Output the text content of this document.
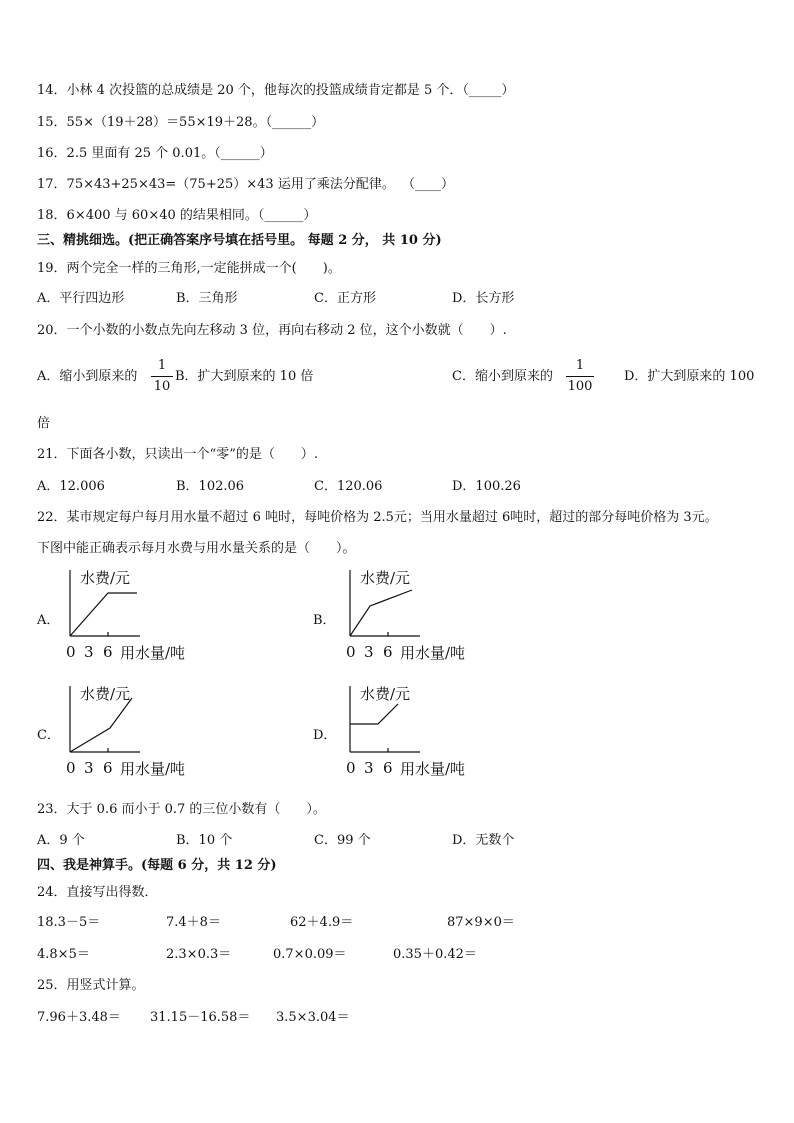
14．小林 4 次投篮的总成绩是 20 个，他每次的投篮成绩肯定都是 5 个．（_____）
15．55×（19＋28）＝55×19＋28。（______）
16．2.5 里面有 25 个 0.01。（______）
17．75×43+25×43=（75+25）×43 运用了乘法分配律。 （____）
18．6×400 与 60×40 的结果相同。（______）
三、精挑细选。(把正确答案序号填在括号里。 每题 2 分， 共 10 分)
19．两个完全一样的三角形,一定能拼成一个(　　)。
A．平行四边形	B．三角形	C．正方形	D．长方形
20．一个小数的小数点先向左移动 3 位，再向右移动 2 位，这个小数就（　　）.
A．缩小到原来的
1
10
B．扩大到原来的 10 倍	C．缩小到原来的
1
100
D．扩大到原来的 100
倍
21．下面各小数，只读出一个“零”的是（　　）.
A．12.006	B．102.06	C．120.06	D．100.26
22．某市规定每户每月用水量不超过 6 吨时，每吨价格为 2.5元；当用水量超过 6吨时，超过的部分每吨价格为 3元。
下图中能正确表示每月水费与用水量关系的是（　　）。
A．	B．
C．	D．
水费/元
0 3 6 用水量/吨
水费/元
0 3 6 用水量/吨
水费/元
0 3 6 用水量/吨
水费/元
0 3 6 用水量/吨
23．大于 0.6 而小于 0.7 的三位小数有（　　）。
A．9 个	B．10 个	C．99 个	D．无数个
四、我是神算手。(每题 6 分，共 12 分)
24．直接写出得数．
18.3－5＝	7.4＋8＝	62＋4.9＝	87×9×0＝
4.8×5＝	2.3×0.3＝	0.7×0.09＝	0.35＋0.42＝
25．用竖式计算。
7.96＋3.48＝ 31.15－16.58＝ 3.5×3.04＝
